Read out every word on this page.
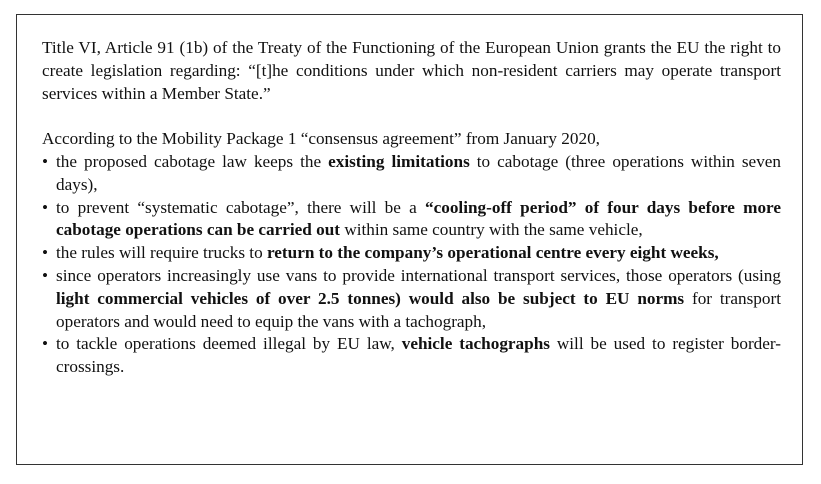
Title VI, Article 91 (1b) of the Treaty of the Functioning of the European Union grants the EU the right to create legislation regarding: “[t]he conditions under which non-resident carriers may operate transport services within a Member State.”

According to the Mobility Package 1 “consensus agreement” from January 2020,

• the proposed cabotage law keeps the existing limitations to cabotage (three operations within seven days),
• to prevent “systematic cabotage”, there will be a “cooling-off period” of four days before more cabotage operations can be carried out within same country with the same vehicle,
• the rules will require trucks to return to the company’s operational centre every eight weeks,
• since operators increasingly use vans to provide international transport services, those operators (using light commercial vehicles of over 2.5 tonnes) would also be subject to EU norms for transport operators and would need to equip the vans with a tachograph,
• to tackle operations deemed illegal by EU law, vehicle tachographs will be used to register border-crossings.
